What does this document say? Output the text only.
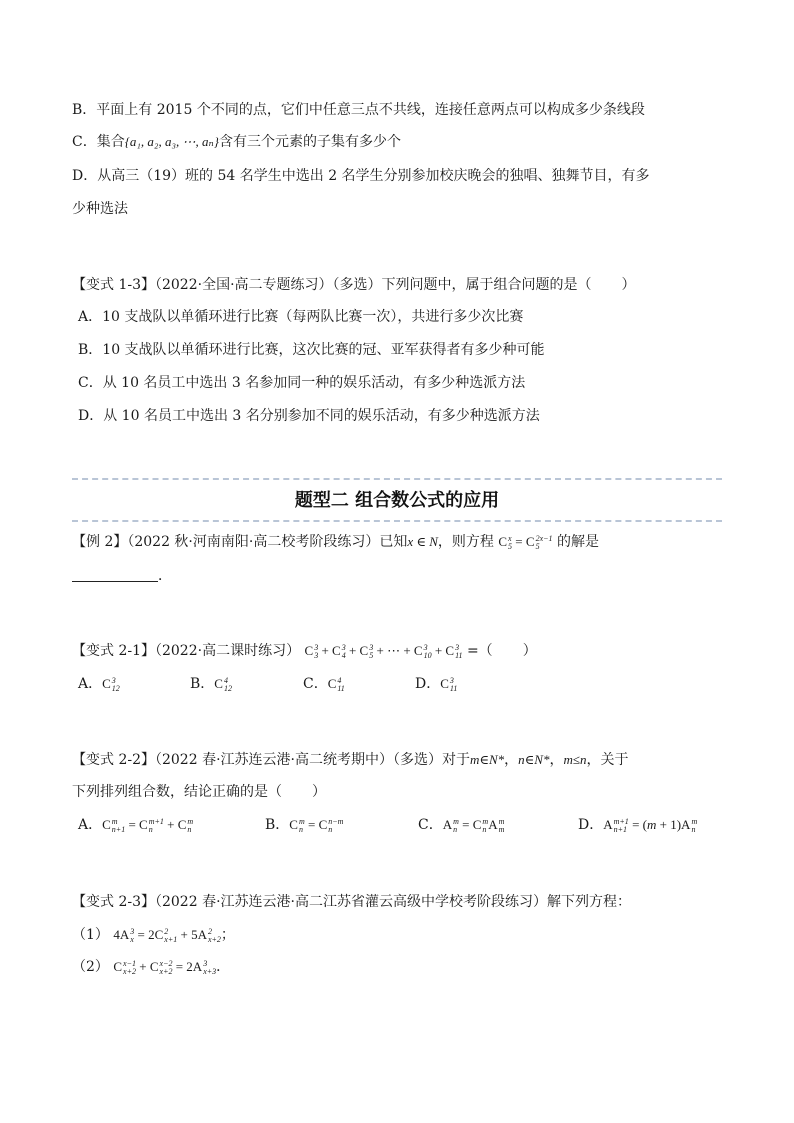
B．平面上有 2015 个不同的点，它们中任意三点不共线，连接任意两点可以构成多少条线段
C．集合{a₁, a₂, a₃, ⋯, aₙ}含有三个元素的子集有多少个
D．从高三（19）班的 54 名学生中选出 2 名学生分别参加校庆晚会的独唱、独舞节目，有多
少种选法
【变式 1-3】（2022·全国·高二专题练习）（多选）下列问题中，属于组合问题的是（ ）
A．10 支战队以单循环进行比赛（每两队比赛一次），共进行多少次比赛
B．10 支战队以单循环进行比赛，这次比赛的冠、亚军获得者有多少种可能
C．从 10 名员工中选出 3 名参加同一种的娱乐活动，有多少种选派方法
D．从 10 名员工中选出 3 名分别参加不同的娱乐活动，有多少种选派方法
题型二 组合数公式的应用
【例 2】（2022 秋·河南南阳·高二校考阶段练习）已知x ∈ N，则方程 C x
5 = C 2x−1
5	的解是
．
【变式 2-1】（2022·高二课时练习） C 3
3 + C 3
4 + C 3
5 + ⋯ + C 3
10 + C 3
11 =（ ）
A．C 3
12	B．C 4
12	C．C 4
11	D．C 3
11
【变式 2-2】（2022 春·江苏连云港·高二统考期中）（多选）对于m∈N*，n∈N*，m≤n，关于
下列排列组合数，结论正确的是（ ）
A．C m
n+1 = C m+1
n + C m
n	B．C m
n = C n−m
n	C．A m
n = C m
n A m
m	D．A m+1
n+1 = (m + 1)A m
n
【变式 2-3】（2022 春·江苏连云港·高二江苏省灌云高级中学校考阶段练习）解下列方程：
（1） 4A 3
x = 2C 2
x+1 + 5A 2
x+2 ；
（2） C x−1
x+2 + C x−2
x+2 = 2A 3
x+3 ．
